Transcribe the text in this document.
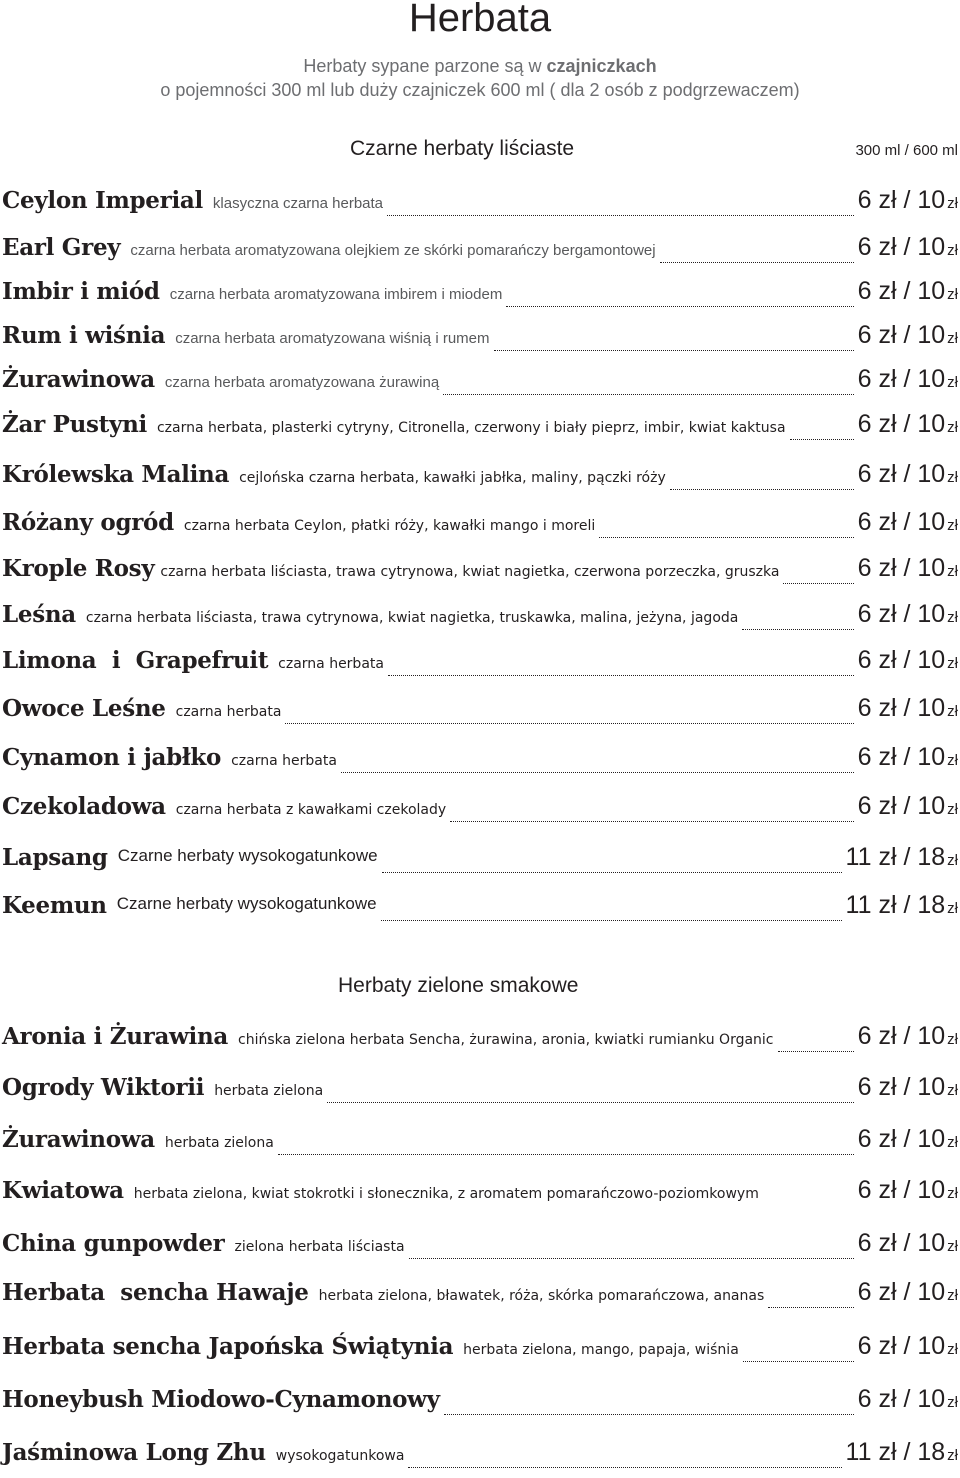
Herbata
Herbaty sypane parzone są w czajniczkach
o pojemności 300 ml lub duży czajniczek 600 ml ( dla 2 osób z podgrzewaczem)
Czarne herbaty liściaste	300 ml / 600 ml
Ceylon Imperial klasyczna czarna herbata	6 zł / 10 zł
Earl Grey czarna herbata aromatyzowana olejkiem ze skórki pomarańczy bergamontowej	6 zł / 10 zł
Imbir i miód czarna herbata aromatyzowana imbirem i miodem	6 zł / 10 zł
Rum i wiśnia czarna herbata aromatyzowana wiśnią i rumem	6 zł / 10 zł
Żurawinowa czarna herbata aromatyzowana żurawiną	6 zł / 10 zł
Żar Pustyni czarna herbata, plasterki cytryny, Citronella, czerwony i biały pieprz, imbir, kwiat kaktusa	6 zł / 10 zł
Królewska Malina cejlońska czarna herbata, kawałki jabłka, maliny, pączki róży	6 zł / 10 zł
Różany ogród czarna herbata Ceylon, płatki róży, kawałki mango i moreli	6 zł / 10 zł
Krople Rosy czarna herbata liściasta, trawa cytrynowa, kwiat nagietka, czerwona porzeczka, gruszka	6 zł / 10 zł
Leśna czarna herbata liściasta, trawa cytrynowa, kwiat nagietka, truskawka, malina, jeżyna, jagoda	6 zł / 10 zł
Limona  i  Grapefruit czarna herbata	6 zł / 10 zł
Owoce Leśne czarna herbata	6 zł / 10 zł
Cynamon i jabłko czarna herbata	6 zł / 10 zł
Czekoladowa czarna herbata z kawałkami czekolady	6 zł / 10 zł
Lapsang Czarne herbaty wysokogatunkowe	11 zł / 18 zł
Keemun Czarne herbaty wysokogatunkowe	11 zł / 18 zł
Herbaty zielone smakowe
Aronia i Żurawina chińska zielona herbata Sencha, żurawina, aronia, kwiatki rumianku Organic	6 zł / 10 zł
Ogrody Wiktorii herbata zielona	6 zł / 10 zł
Żurawinowa herbata zielona	6 zł / 10 zł
Kwiatowa herbata zielona, kwiat stokrotki i słonecznika, z aromatem pomarańczowo-poziomkowym	6 zł / 10 zł
China gunpowder zielona herbata liściasta	6 zł / 10 zł
Herbata  sencha Hawaje herbata zielona, bławatek, róża, skórka pomarańczowa, ananas	6 zł / 10 zł
Herbata sencha Japońska Świątynia herbata zielona, mango, papaja, wiśnia	6 zł / 10 zł
Honeybush Miodowo-Cynamonowy	6 zł / 10 zł
Jaśminowa Long Zhu wysokogatunkowa	11 zł / 18 zł
